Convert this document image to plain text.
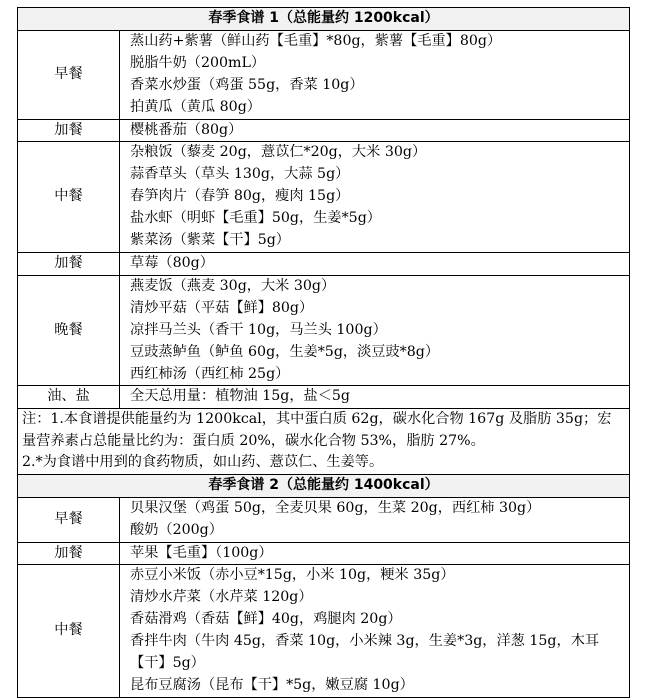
春季食谱 1（总能量约 1200kcal）	
早餐	蒸山药+紫薯（鲜山药【毛重】*80g，紫薯【毛重】80g）
脱脂牛奶（200mL）
香菜水炒蛋（鸡蛋 55g，香菜 10g）
拍黄瓜（黄瓜 80g）

加餐	樱桃番茄（80g）

中餐	杂粮饭（藜麦 20g，薏苡仁*20g，大米 30g）
蒜香草头（草头 130g，大蒜 5g）
春笋肉片（春笋 80g，瘦肉 15g）
盐水虾（明虾【毛重】50g，生姜*5g）
紫菜汤（紫菜【干】5g）

加餐	草莓（80g）

晚餐	燕麦饭（燕麦 30g，大米 30g）
清炒平菇（平菇【鲜】80g）
凉拌马兰头（香干 10g，马兰头 100g）
豆豉蒸鲈鱼（鲈鱼 60g，生姜*5g，淡豆豉*8g）
西红柿汤（西红柿 25g）

油、盐	全天总用量：植物油 15g，盐＜5g

注：1.本食谱提供能量约为 1200kcal，其中蛋白质 62g，碳水化合物 167g 及脂肪 35g；宏量营养素占总能量比约为：蛋白质 20%，碳水化合物 53%，脂肪 27%。
2.*为食谱中用到的食药物质，如山药、薏苡仁、生姜等。	

春季食谱 2（总能量约 1400kcal）	
早餐	贝果汉堡（鸡蛋 50g，全麦贝果 60g，生菜 20g，西红柿 30g）
酸奶（200g）

加餐	苹果【毛重】（100g）

中餐	赤豆小米饭（赤小豆*15g，小米 10g，粳米 35g）
清炒水芹菜（水芹菜 120g）
香菇滑鸡（香菇【鲜】40g，鸡腿肉 20g）
香拌牛肉（牛肉 45g，香菜 10g，小米辣 3g，生姜*3g，洋葱 15g，木耳【干】5g）
昆布豆腐汤（昆布【干】*5g，嫩豆腐 10g）
